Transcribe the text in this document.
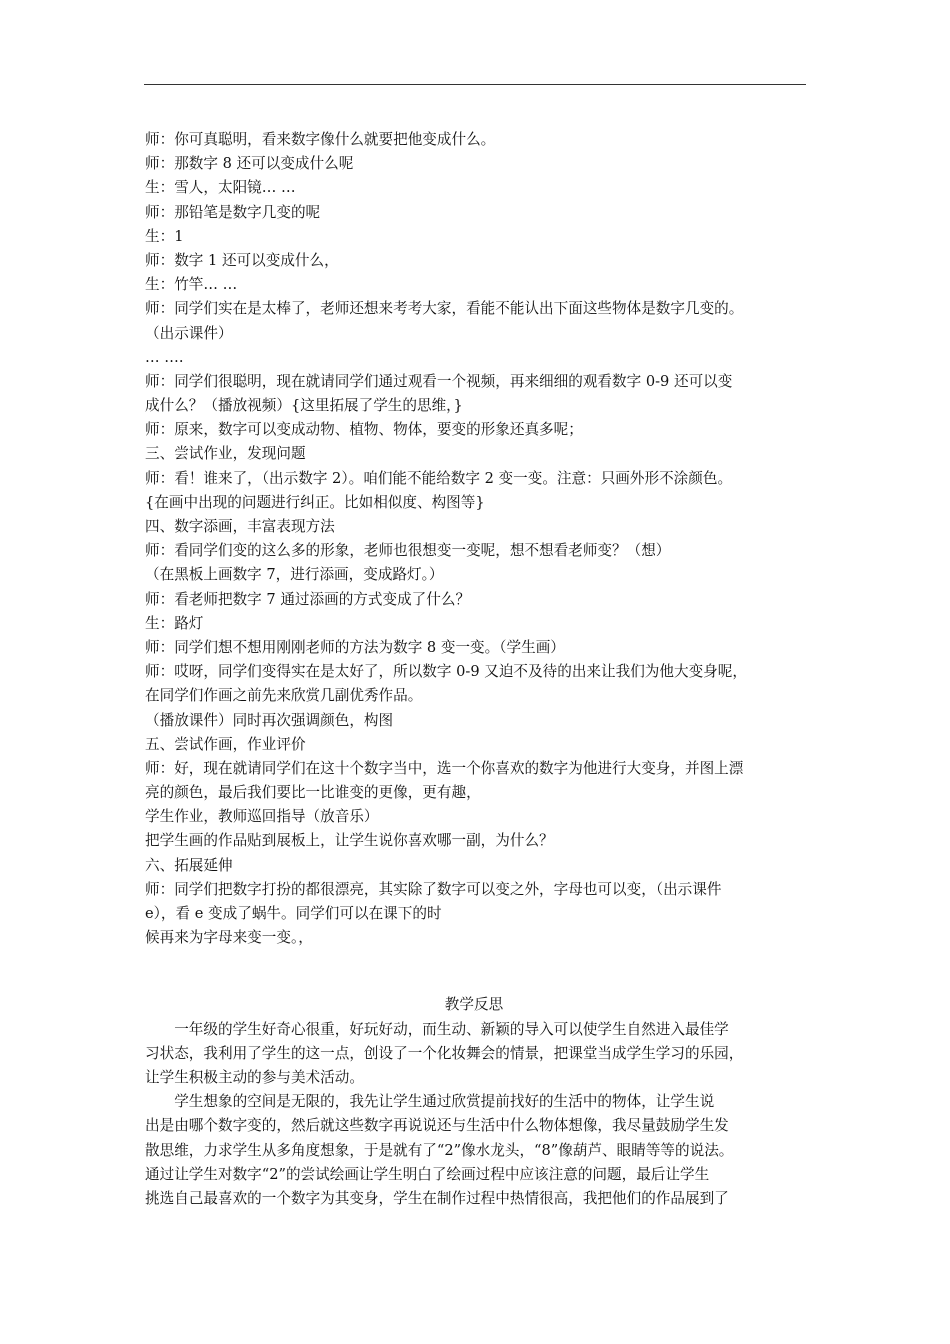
师：你可真聪明，看来数字像什么就要把他变成什么。
师：那数字 8 还可以变成什么呢
生：雪人，太阳镜… …
师：那铅笔是数字几变的呢
生：1
师：数字 1 还可以变成什么，
生：竹竿… …
师：同学们实在是太棒了，老师还想来考考大家，看能不能认出下面这些物体是数字几变的。
（出示课件）
… ….
师：同学们很聪明，现在就请同学们通过观看一个视频，再来细细的观看数字 0-9 还可以变
成什么？（播放视频）{这里拓展了学生的思维，}
师：原来，数字可以变成动物、植物、物体，要变的形象还真多呢；
三、尝试作业，发现问题
师：看！谁来了，（出示数字 2）。咱们能不能给数字 2 变一变。注意：只画外形不涂颜色。
{在画中出现的问题进行纠正。比如相似度、构图等}
四、数字添画，丰富表现方法
师：看同学们变的这么多的形象，老师也很想变一变呢，想不想看老师变？（想）
（在黑板上画数字 7，进行添画，变成路灯。）
师：看老师把数字 7 通过添画的方式变成了什么？
生：路灯
师：同学们想不想用刚刚老师的方法为数字 8 变一变。（学生画）
师：哎呀，同学们变得实在是太好了，所以数字 0-9 又迫不及待的出来让我们为他大变身呢，
在同学们作画之前先来欣赏几副优秀作品。
（播放课件）同时再次强调颜色，构图
五、尝试作画，作业评价
师：好，现在就请同学们在这十个数字当中，选一个你喜欢的数字为他进行大变身，并图上漂
亮的颜色，最后我们要比一比谁变的更像，更有趣，
学生作业，教师巡回指导（放音乐）
把学生画的作品贴到展板上，让学生说你喜欢哪一副，为什么？
六、拓展延伸
师：同学们把数字打扮的都很漂亮，其实除了数字可以变之外，字母也可以变，（出示课件
e），看 e 变成了蜗牛。同学们可以在课下的时
候再来为字母来变一变。，
教学反思
一年级的学生好奇心很重，好玩好动，而生动、新颖的导入可以使学生自然进入最佳学
习状态，我利用了学生的这一点，创设了一个化妆舞会的情景，把课堂当成学生学习的乐园，
让学生积极主动的参与美术活动。
学生想象的空间是无限的，我先让学生通过欣赏提前找好的生活中的物体，让学生说
出是由哪个数字变的，然后就这些数字再说说还与生活中什么物体想像，我尽量鼓励学生发
散思维，力求学生从多角度想象，于是就有了“2”像水龙头，“8”像葫芦、眼睛等等的说法。
通过让学生对数字“2”的尝试绘画让学生明白了绘画过程中应该注意的问题，最后让学生
挑选自己最喜欢的一个数字为其变身，学生在制作过程中热情很高，我把他们的作品展到了
